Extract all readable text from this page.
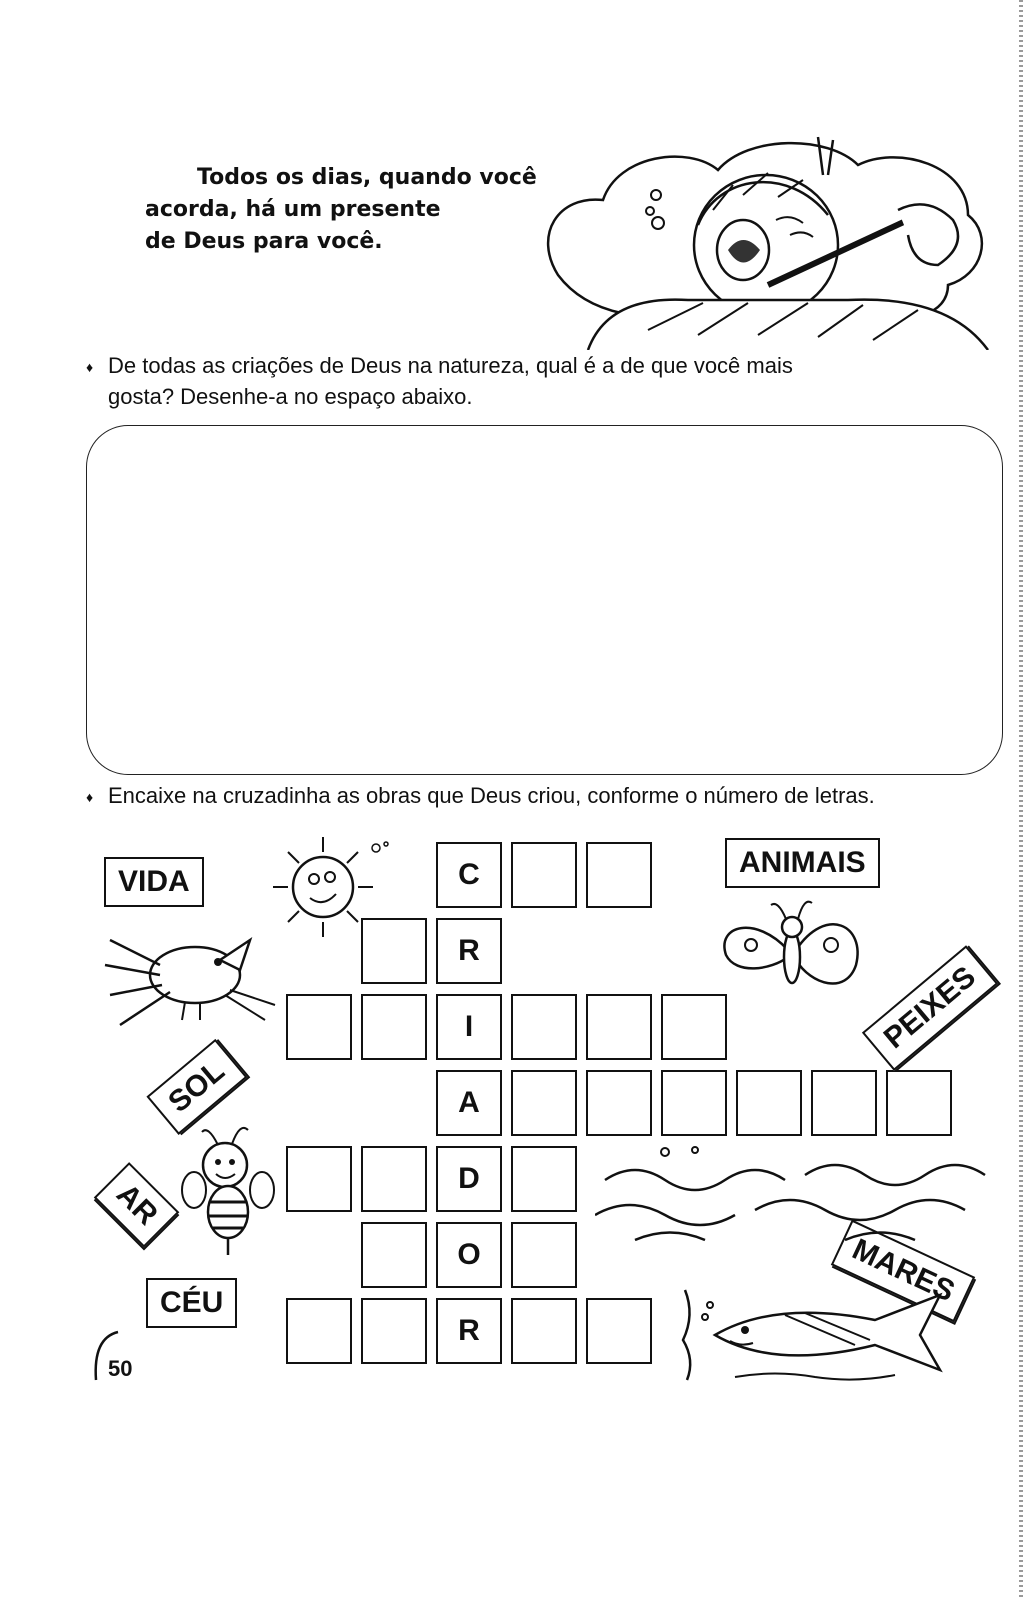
Todos os dias, quando você
acorda, há um presente
de Deus para você.
♦ De todas as criações de Deus na natureza, qual é a de que você mais
gosta? Desenhe-a no espaço abaixo.
♦ Encaixe na cruzadinha as obras que Deus criou, conforme o número de letras.
C
R
I
A
D
O
R
VIDA
ANIMAIS
PEIXES
SOL
AR
CÉU	MARES
50
